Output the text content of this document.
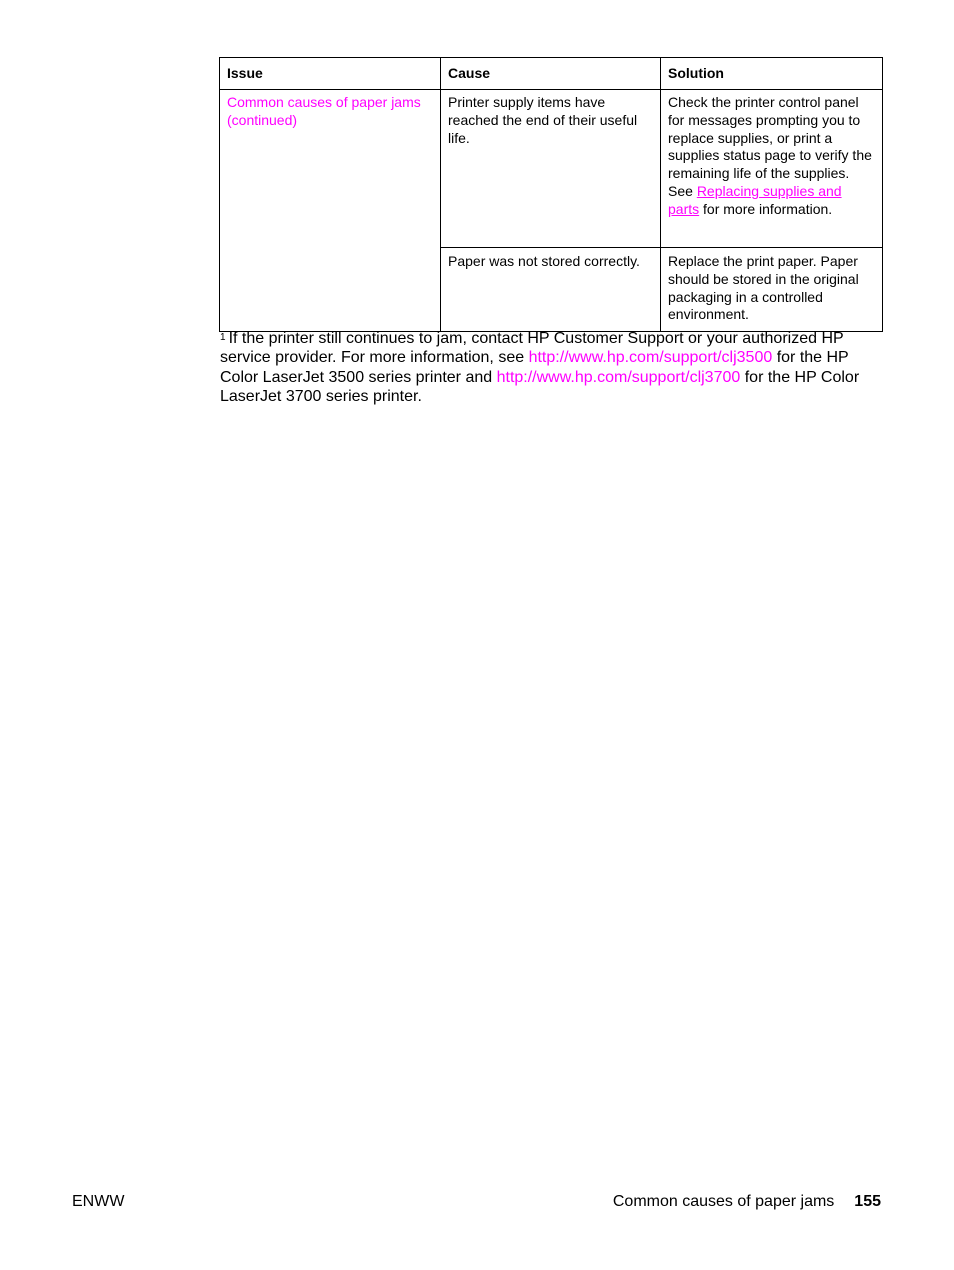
Issue	Cause	Solution
Common causes of paper jams (continued)	Printer supply items have reached the end of their useful life.	Check the printer control panel for messages prompting you to replace supplies, or print a supplies status page to verify the remaining life of the supplies. See Replacing supplies and parts for more information.
	Paper was not stored correctly.	Replace the print paper. Paper should be stored in the original packaging in a controlled environment.
$^1$ If the printer still continues to jam, contact HP Customer Support or your authorized HP service provider. For more information, see http://www.hp.com/support/clj3500 for the HP Color LaserJet 3500 series printer and http://www.hp.com/support/clj3700 for the HP Color LaserJet 3700 series printer.
ENWW	Common causes of paper jams 155
